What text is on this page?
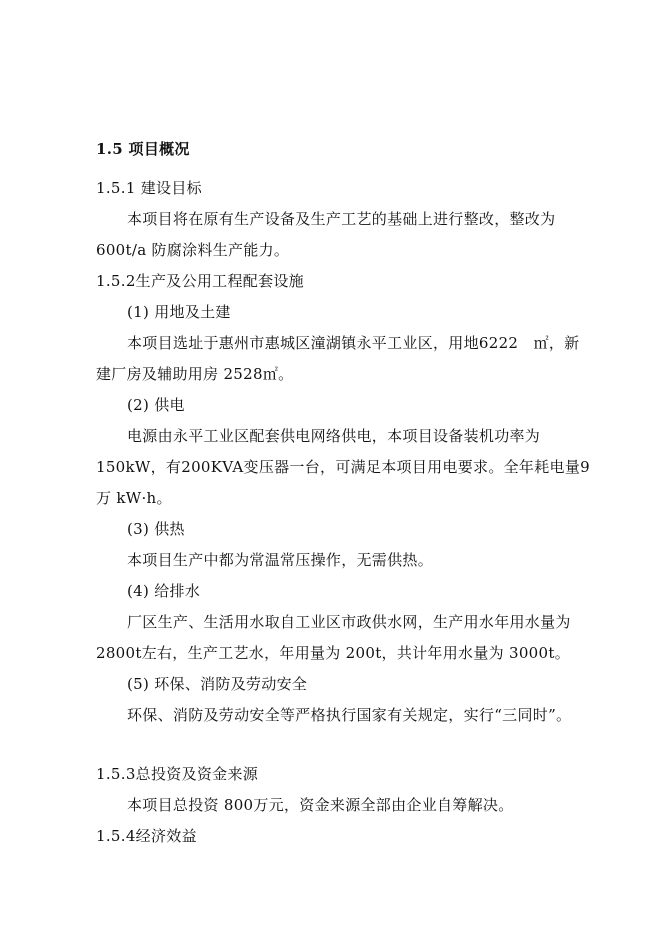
1.5 项目概况
1.5.1 建设目标
本项目将在原有生产设备及生产工艺的基础上进行整改，整改为
600t/a 防腐涂料生产能力。
1.5.2生产及公用工程配套设施
(1) 用地及土建
本项目选址于惠州市惠城区潼湖镇永平工业区，用地6222　㎡，新
建厂房及辅助用房 2528㎡。
(2) 供电
电源由永平工业区配套供电网络供电，本项目设备装机功率为
150kW，有200KVA变压器一台，可满足本项目用电要求。全年耗电量9
万 kW·h。
(3) 供热
本项目生产中都为常温常压操作，无需供热。
(4) 给排水
厂区生产、生活用水取自工业区市政供水网，生产用水年用水量为
2800t左右，生产工艺水，年用量为 200t，共计年用水量为 3000t。
(5) 环保、消防及劳动安全
环保、消防及劳动安全等严格执行国家有关规定，实行“三同时”。
1.5.3总投资及资金来源
本项目总投资 800万元，资金来源全部由企业自筹解决。
1.5.4经济效益
